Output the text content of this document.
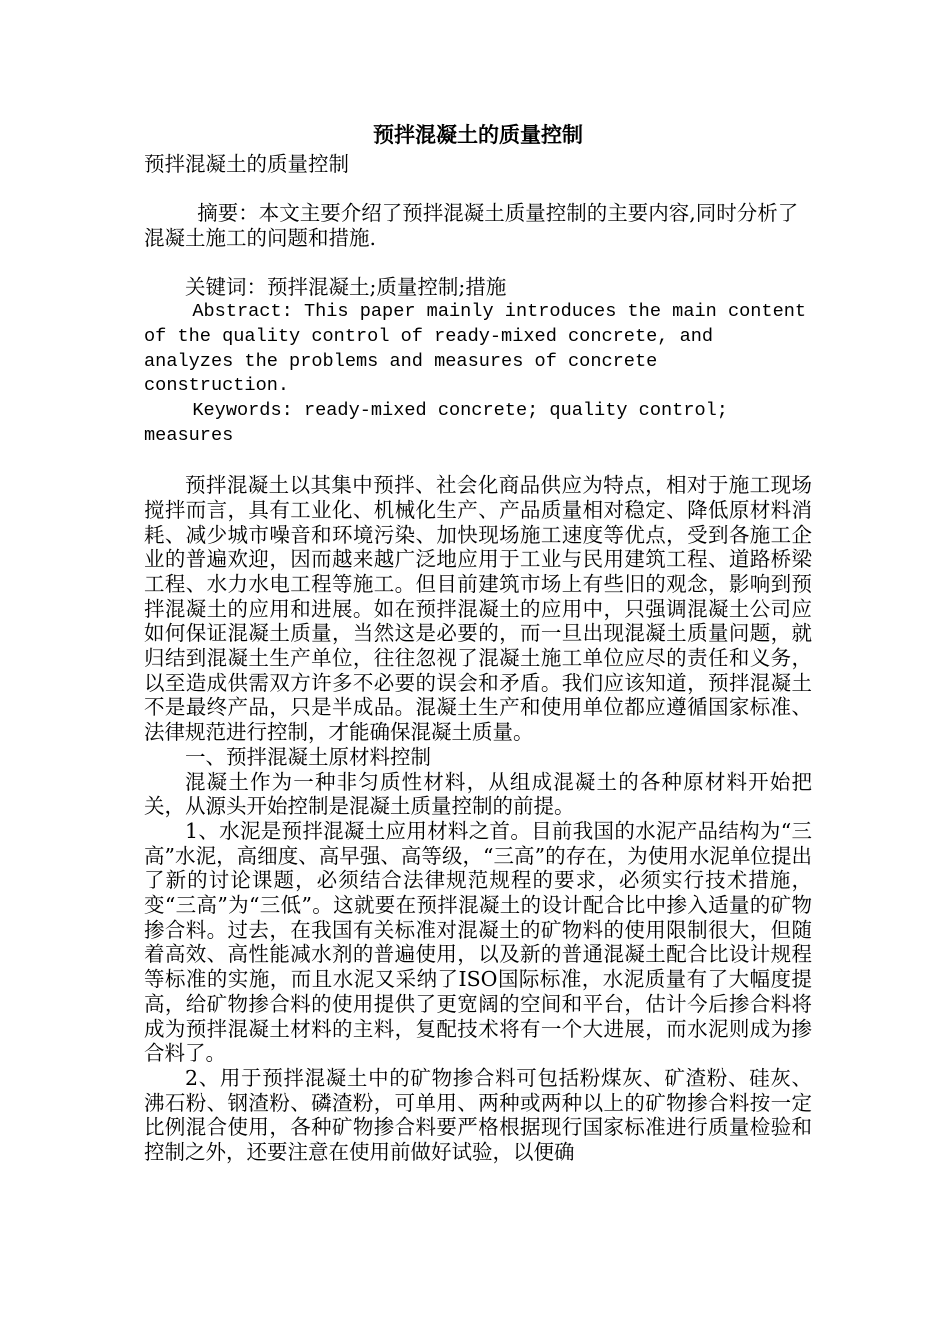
预拌混凝土的质量控制

预拌混凝土的质量控制

摘要：本文主要介绍了预拌混凝土质量控制的主要内容,同时分析了混凝土施工的问题和措施.

关键词：预拌混凝土;质量控制;措施

Abstract: This paper mainly introduces the main content of the quality control of ready-mixed concrete, and analyzes the problems and measures of concrete construction.

Keywords: ready-mixed concrete; quality control; measures

预拌混凝土以其集中预拌、社会化商品供应为特点，相对于施工现场搅拌而言，具有工业化、机械化生产、产品质量相对稳定、降低原材料消耗、减少城市噪音和环境污染、加快现场施工速度等优点，受到各施工企业的普遍欢迎，因而越来越广泛地应用于工业与民用建筑工程、道路桥梁工程、水力水电工程等施工。但目前建筑市场上有些旧的观念，影响到预拌混凝土的应用和进展。如在预拌混凝土的应用中，只强调混凝土公司应如何保证混凝土质量，当然这是必要的，而一旦出现混凝土质量问题，就归结到混凝土生产单位，往往忽视了混凝土施工单位应尽的责任和义务，以至造成供需双方许多不必要的误会和矛盾。我们应该知道，预拌混凝土不是最终产品，只是半成品。混凝土生产和使用单位都应遵循国家标准、法律规范进行控制，才能确保混凝土质量。

一、预拌混凝土原材料控制

混凝土作为一种非匀质性材料，从组成混凝土的各种原材料开始把关，从源头开始控制是混凝土质量控制的前提。

1、水泥是预拌混凝土应用材料之首。目前我国的水泥产品结构为“三高”水泥，高细度、高早强、高等级，“三高”的存在，为使用水泥单位提出了新的讨论课题，必须结合法律规范规程的要求，必须实行技术措施，变“三高”为“三低”。这就要在预拌混凝土的设计配合比中掺入适量的矿物掺合料。过去，在我国有关标准对混凝土的矿物料的使用限制很大，但随着高效、高性能减水剂的普遍使用，以及新的普通混凝土配合比设计规程等标准的实施，而且水泥又采纳了ISO国际标准，水泥质量有了大幅度提高，给矿物掺合料的使用提供了更宽阔的空间和平台，估计今后掺合料将成为预拌混凝土材料的主料，复配技术将有一个大进展，而水泥则成为掺合料了。

2、用于预拌混凝土中的矿物掺合料可包括粉煤灰、矿渣粉、硅灰、沸石粉、钢渣粉、磷渣粉，可单用、两种或两种以上的矿物掺合料按一定比例混合使用，各种矿物掺合料要严格根据现行国家标准进行质量检验和控制之外，还要注意在使用前做好试验，以便确
